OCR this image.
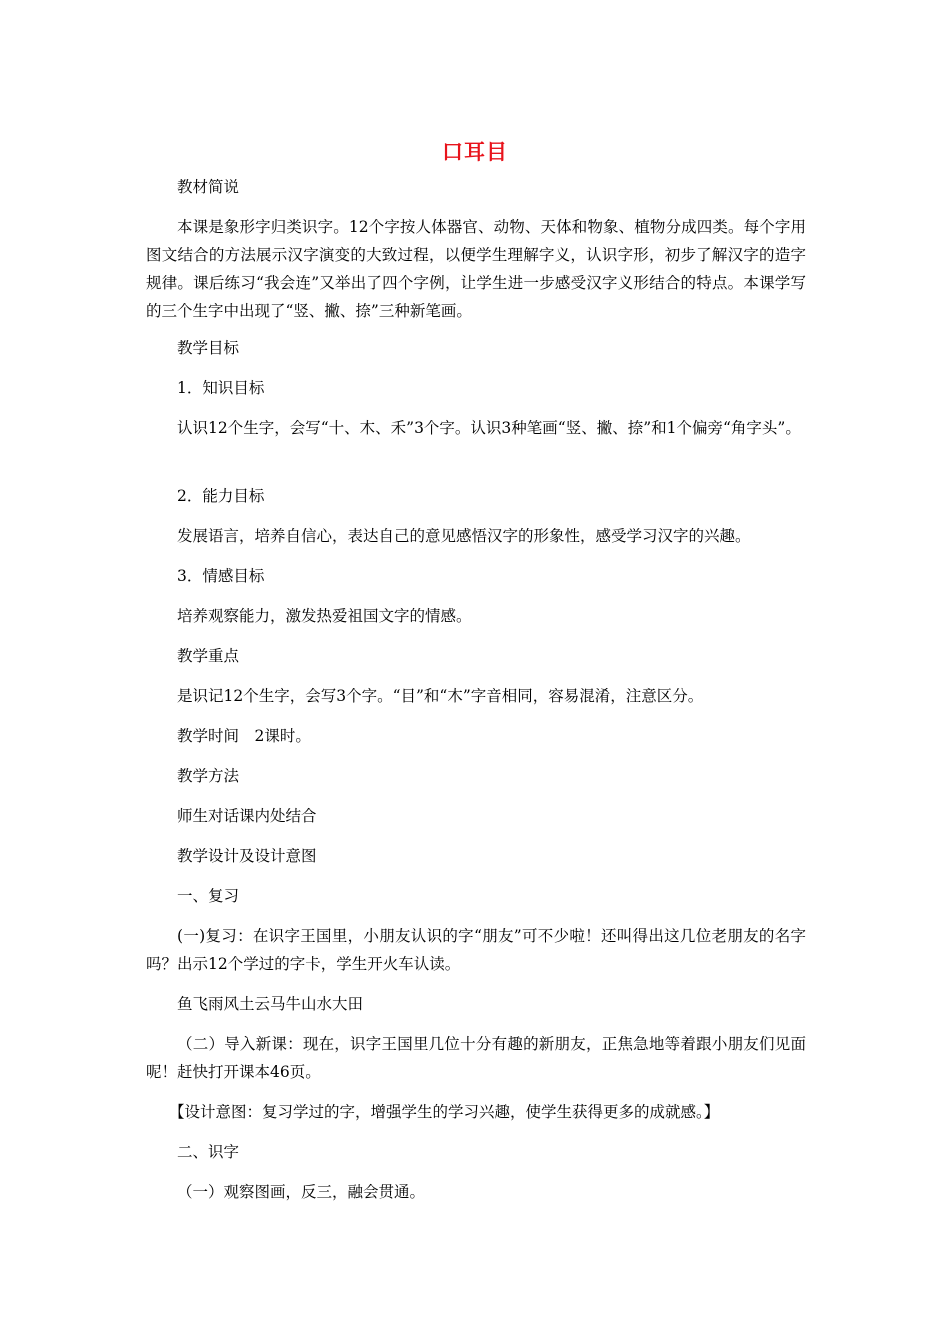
口耳目
教材简说
本课是象形字归类识字。12个字按人体器官、动物、天体和物象、植物分成四类。每个字用图文结合的方法展示汉字演变的大致过程，以便学生理解字义，认识字形，初步了解汉字的造字规律。课后练习“我会连”又举出了四个字例，让学生进一步感受汉字义形结合的特点。本课学写的三个生字中出现了“竖、撇、捺”三种新笔画。
教学目标
1．知识目标
认识12个生字，会写“十、木、禾”3个字。认识3种笔画“竖、撇、捺”和1个偏旁“角字头”。
2．能力目标
发展语言，培养自信心，表达自己的意见感悟汉字的形象性，感受学习汉字的兴趣。
3．情感目标
培养观察能力，激发热爱祖国文字的情感。
教学重点
是识记12个生字，会写3个字。“目”和“木”字音相同，容易混淆，注意区分。
教学时间　2课时。
教学方法
师生对话课内处结合
教学设计及设计意图
一、复习
(一)复习：在识字王国里，小朋友认识的字“朋友”可不少啦！还叫得出这几位老朋友的名字吗？出示12个学过的字卡，学生开火车认读。
鱼飞雨风土云马牛山水大田
（二）导入新课：现在，识字王国里几位十分有趣的新朋友，正焦急地等着跟小朋友们见面呢！赶快打开课本46页。
【设计意图：复习学过的字，增强学生的学习兴趣，使学生获得更多的成就感。】
二、识字
（一）观察图画，反三，融会贯通。
